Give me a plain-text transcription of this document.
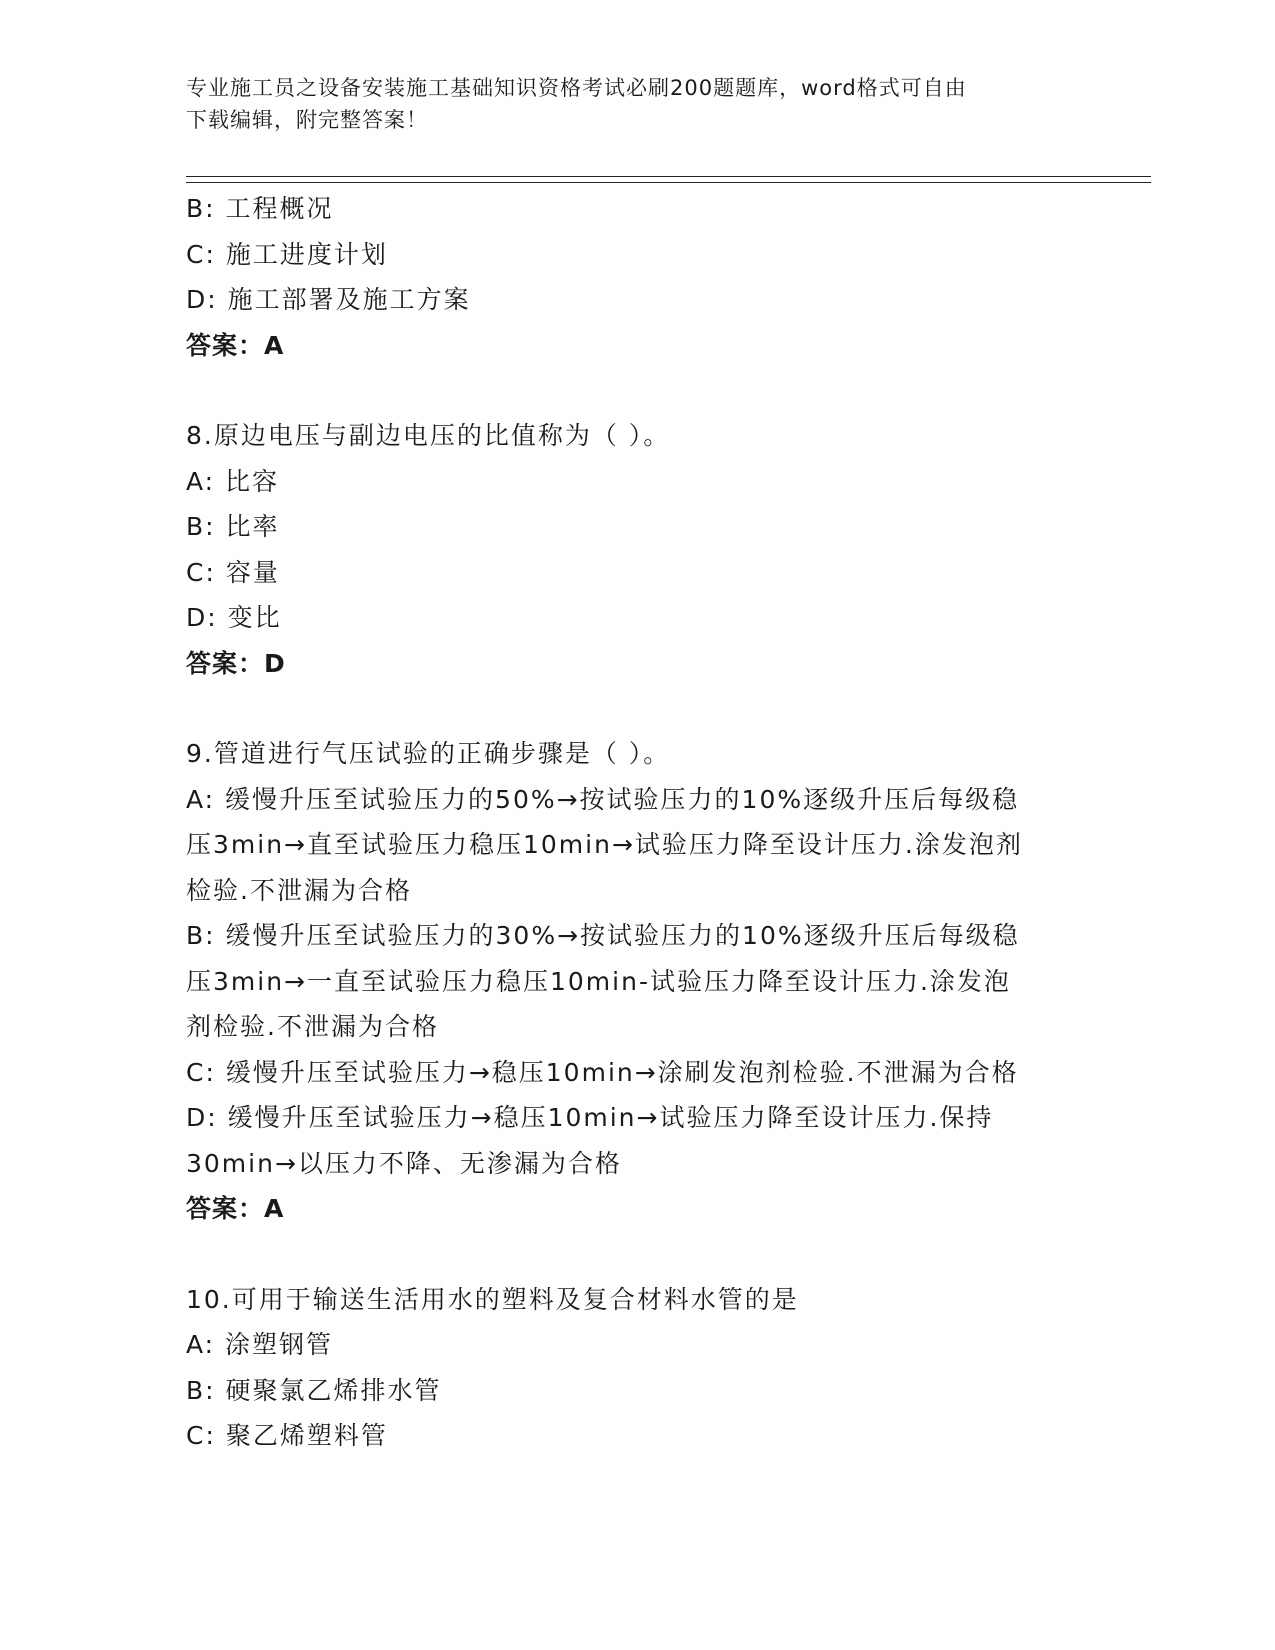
专业施工员之设备安装施工基础知识资格考试必刷200题题库，word格式可自由
下载编辑，附完整答案！

B: 工程概况

C: 施工进度计划

D: 施工部署及施工方案

答案：A

8.原边电压与副边电压的比值称为（ ）。

A: 比容

B: 比率

C: 容量

D: 变比

答案：D

9.管道进行气压试验的正确步骤是（ ）。

A: 缓慢升压至试验压力的50%→按试验压力的10%逐级升压后每级稳

压3min→直至试验压力稳压10min→试验压力降至设计压力.涂发泡剂

检验.不泄漏为合格

B: 缓慢升压至试验压力的30%→按试验压力的10%逐级升压后每级稳

压3min→一直至试验压力稳压10min-试验压力降至设计压力.涂发泡

剂检验.不泄漏为合格

C: 缓慢升压至试验压力→稳压10min→涂刷发泡剂检验.不泄漏为合格

D: 缓慢升压至试验压力→稳压10min→试验压力降至设计压力.保持

30min→以压力不降、无渗漏为合格

答案：A

10.可用于输送生活用水的塑料及复合材料水管的是

A: 涂塑钢管

B: 硬聚氯乙烯排水管

C: 聚乙烯塑料管
